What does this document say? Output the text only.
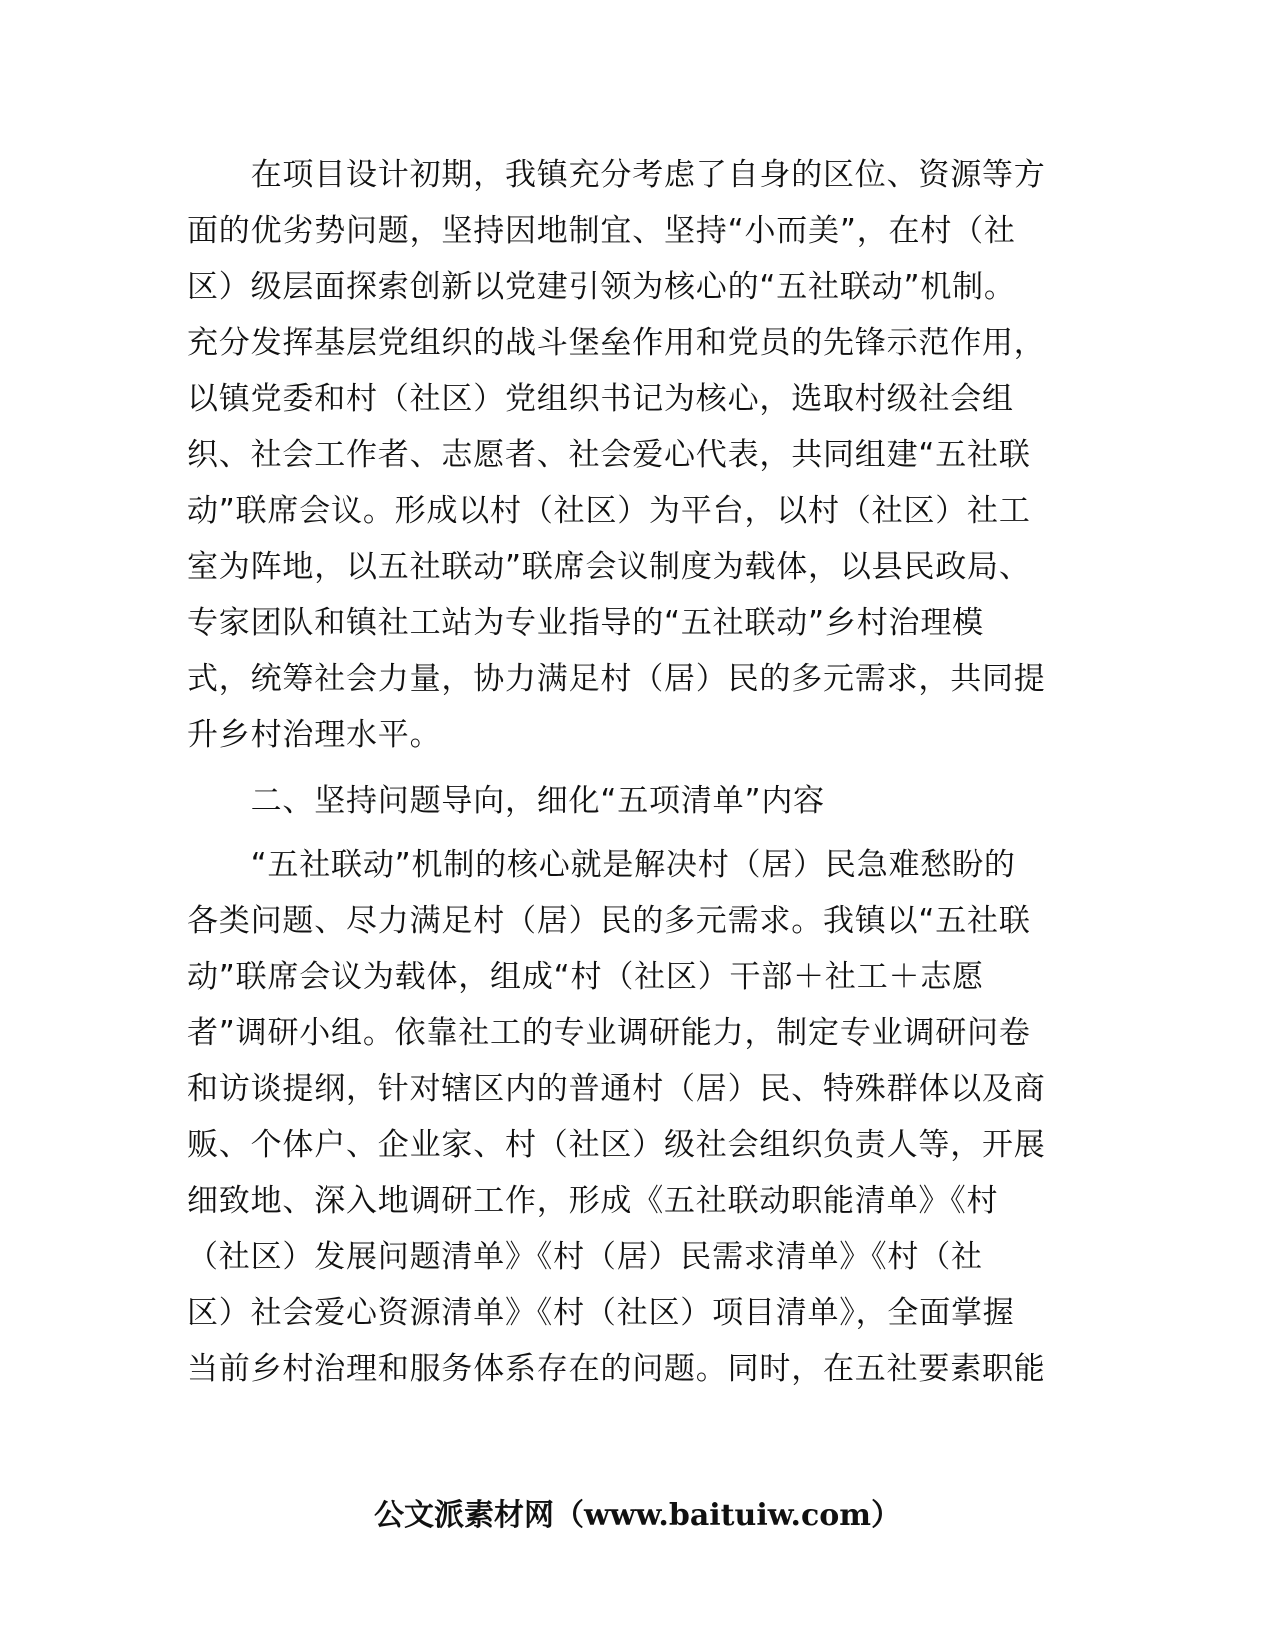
　　在项目设计初期，我镇充分考虑了自身的区位、资源等方
面的优劣势问题，坚持因地制宜、坚持“小而美”，在村（社
区）级层面探索创新以党建引领为核心的“五社联动”机制。
充分发挥基层党组织的战斗堡垒作用和党员的先锋示范作用，
以镇党委和村（社区）党组织书记为核心，选取村级社会组
织、社会工作者、志愿者、社会爱心代表，共同组建“五社联
动”联席会议。形成以村（社区）为平台，以村（社区）社工
室为阵地，以五社联动”联席会议制度为载体，以县民政局、
专家团队和镇社工站为专业指导的“五社联动”乡村治理模
式，统筹社会力量，协力满足村（居）民的多元需求，共同提
升乡村治理水平。
　　二、坚持问题导向，细化“五项清单”内容
　　“五社联动”机制的核心就是解决村（居）民急难愁盼的
各类问题、尽力满足村（居）民的多元需求。我镇以“五社联
动”联席会议为载体，组成“村（社区）干部＋社工＋志愿
者”调研小组。依靠社工的专业调研能力，制定专业调研问卷
和访谈提纲，针对辖区内的普通村（居）民、特殊群体以及商
贩、个体户、企业家、村（社区）级社会组织负责人等，开展
细致地、深入地调研工作，形成《五社联动职能清单》《村
（社区）发展问题清单》《村（居）民需求清单》《村（社
区）社会爱心资源清单》《村（社区）项目清单》，全面掌握
当前乡村治理和服务体系存在的问题。同时，在五社要素职能
公文派素材网（www.baituiw.com）
